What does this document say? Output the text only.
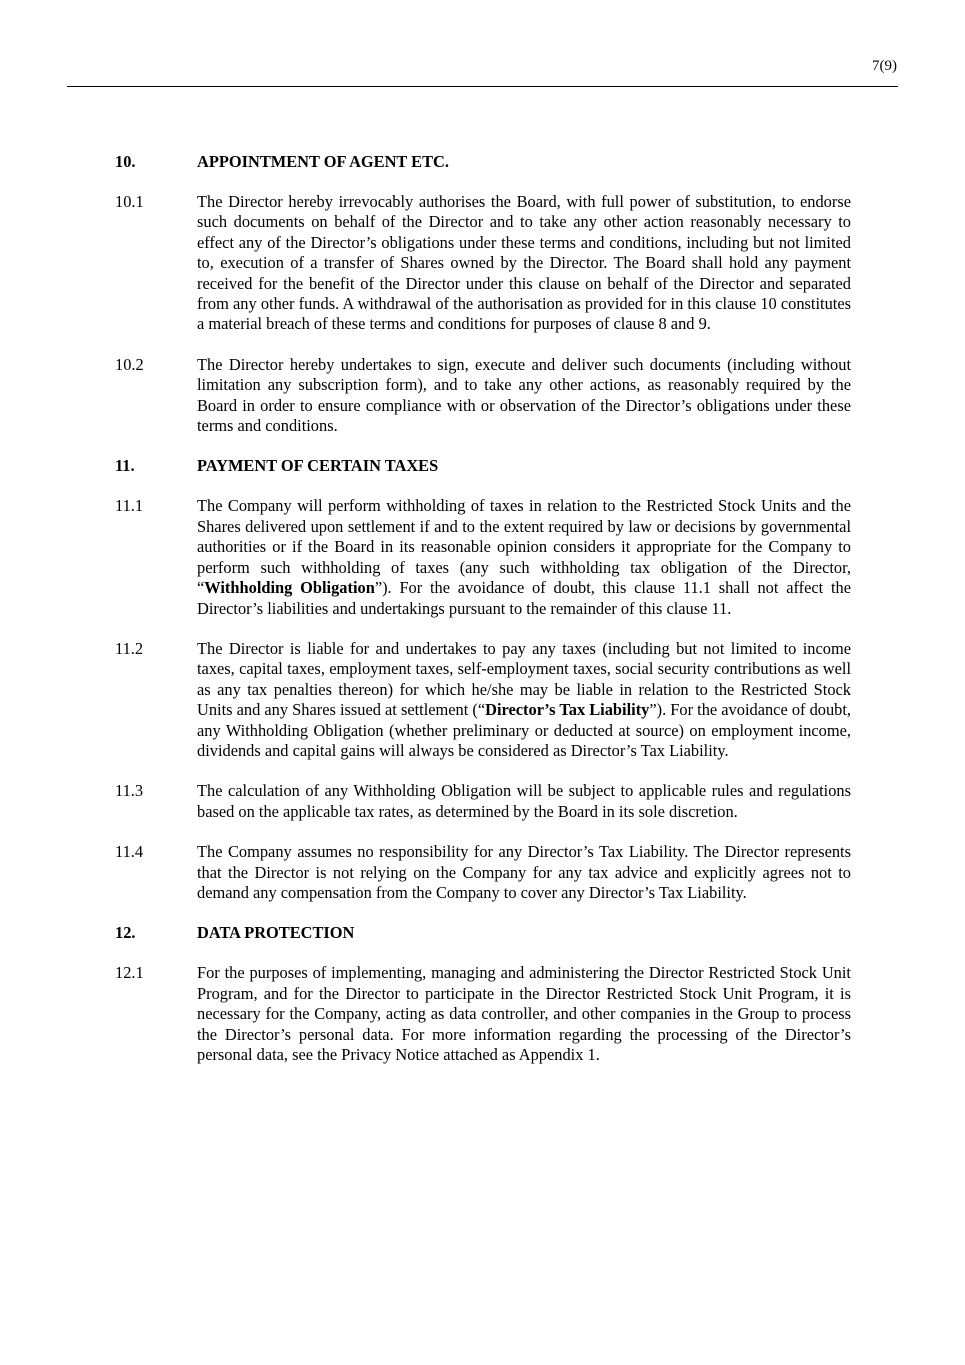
7(9)
10.	APPOINTMENT OF AGENT ETC.
10.1	The Director hereby irrevocably authorises the Board, with full power of substitution, to endorse such documents on behalf of the Director and to take any other action reasonably necessary to effect any of the Director’s obligations under these terms and conditions, including but not limited to, execution of a transfer of Shares owned by the Director. The Board shall hold any payment received for the benefit of the Director under this clause on behalf of the Director and separated from any other funds. A withdrawal of the authorisation as provided for in this clause 10 constitutes a material breach of these terms and conditions for purposes of clause 8 and 9.
10.2	The Director hereby undertakes to sign, execute and deliver such documents (including without limitation any subscription form), and to take any other actions, as reasonably required by the Board in order to ensure compliance with or observation of the Director’s obligations under these terms and conditions.
11.	PAYMENT OF CERTAIN TAXES
11.1	The Company will perform withholding of taxes in relation to the Restricted Stock Units and the Shares delivered upon settlement if and to the extent required by law or decisions by governmental authorities or if the Board in its reasonable opinion considers it appropriate for the Company to perform such withholding of taxes (any such withholding tax obligation of the Director, “Withholding Obligation”). For the avoidance of doubt, this clause 11.1 shall not affect the Director’s liabilities and undertakings pursuant to the remainder of this clause 11.
11.2	The Director is liable for and undertakes to pay any taxes (including but not limited to income taxes, capital taxes, employment taxes, self-employment taxes, social security contributions as well as any tax penalties thereon) for which he/she may be liable in relation to the Restricted Stock Units and any Shares issued at settlement (“Director’s Tax Liability”). For the avoidance of doubt, any Withholding Obligation (whether preliminary or deducted at source) on employment income, dividends and capital gains will always be considered as Director’s Tax Liability.
11.3	The calculation of any Withholding Obligation will be subject to applicable rules and regulations based on the applicable tax rates, as determined by the Board in its sole discretion.
11.4	The Company assumes no responsibility for any Director’s Tax Liability. The Director represents that the Director is not relying on the Company for any tax advice and explicitly agrees not to demand any compensation from the Company to cover any Director’s Tax Liability.
12.	DATA PROTECTION
12.1	For the purposes of implementing, managing and administering the Director Restricted Stock Unit Program, and for the Director to participate in the Director Restricted Stock Unit Program, it is necessary for the Company, acting as data controller, and other companies in the Group to process the Director’s personal data. For more information regarding the processing of the Director’s personal data, see the Privacy Notice attached as Appendix 1.
